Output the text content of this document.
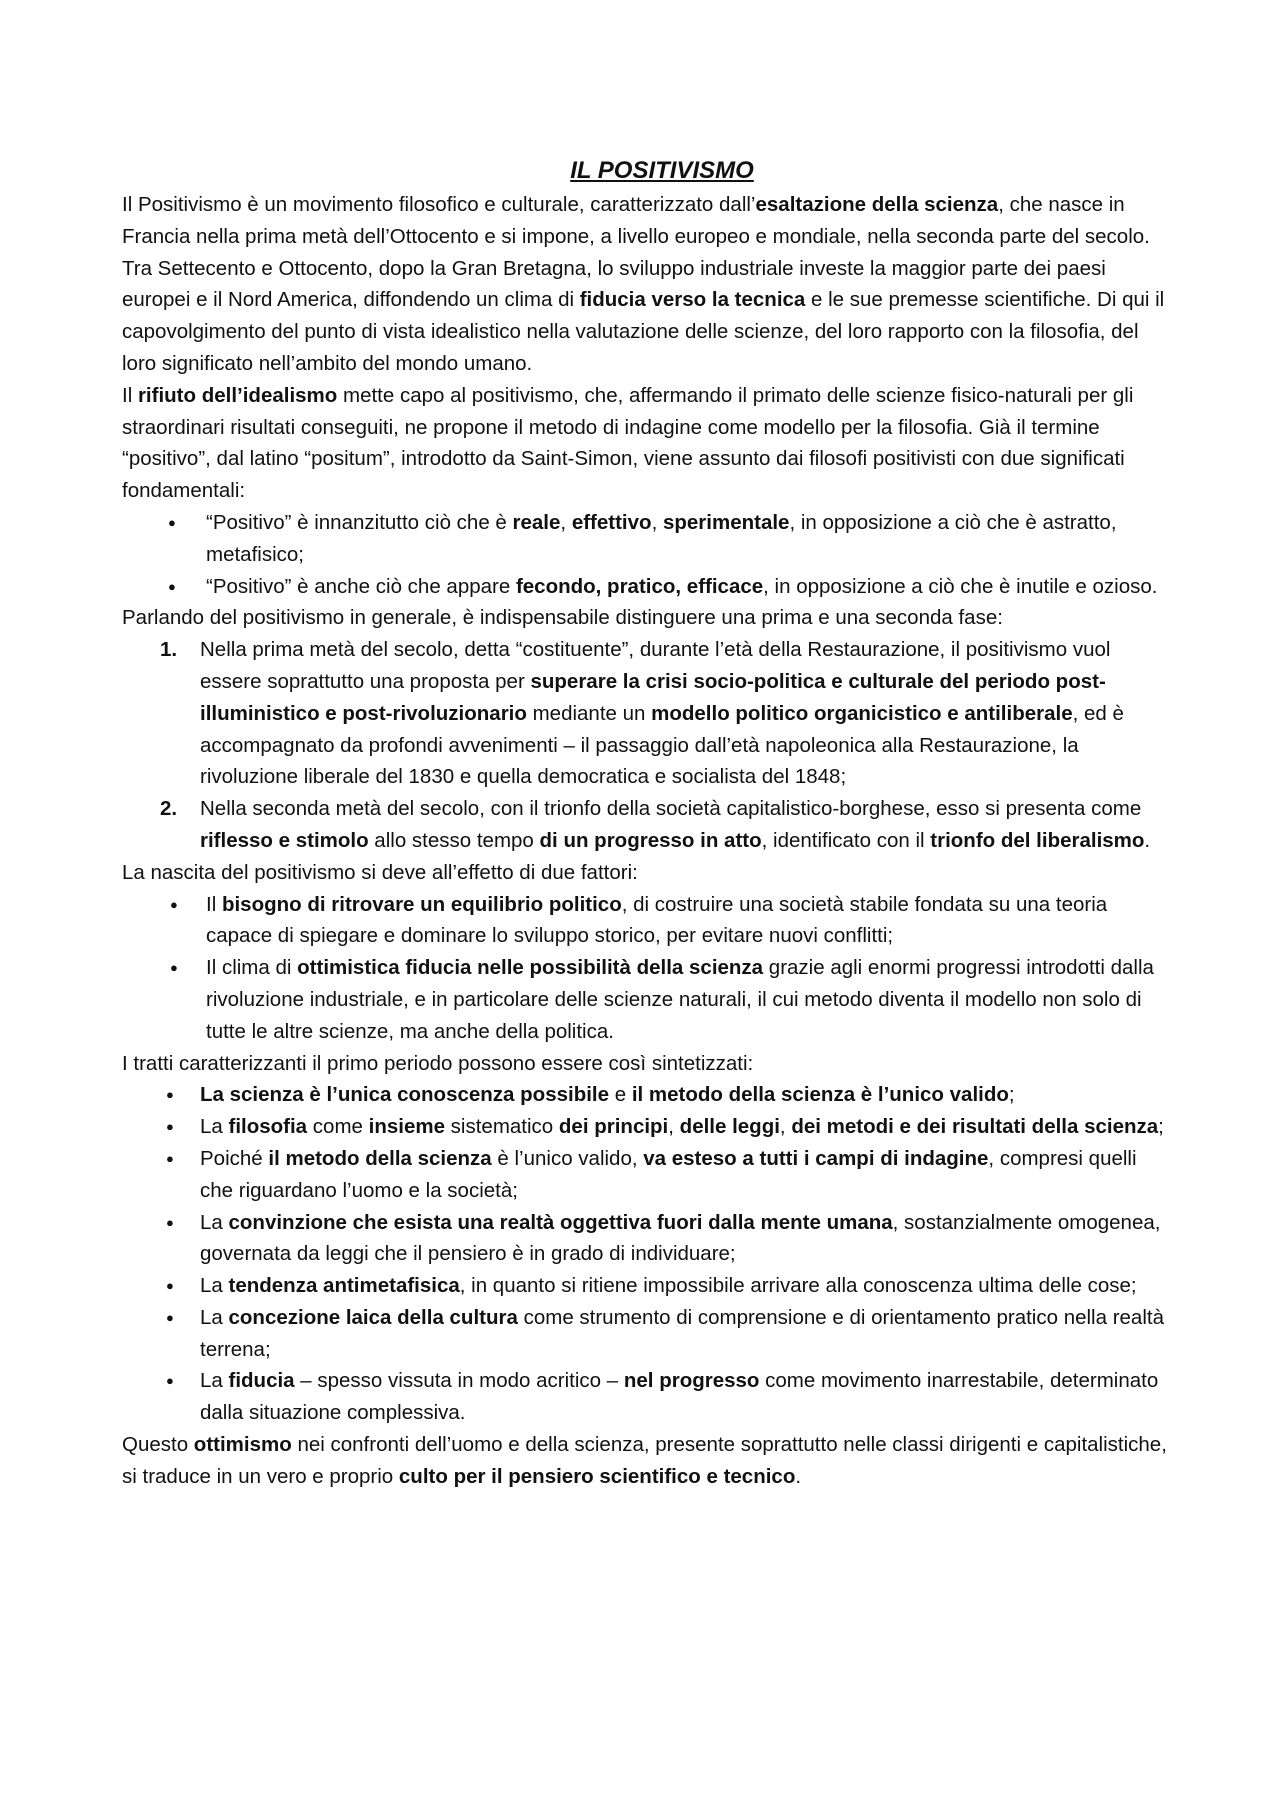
IL POSITIVISMO

Il Positivismo è un movimento filosofico e culturale, caratterizzato dall’esaltazione della scienza, che nasce in Francia nella prima metà dell’Ottocento e si impone, a livello europeo e mondiale, nella seconda parte del secolo. Tra Settecento e Ottocento, dopo la Gran Bretagna, lo sviluppo industriale investe la maggior parte dei paesi europei e il Nord America, diffondendo un clima di fiducia verso la tecnica e le sue premesse scientifiche. Di qui il capovolgimento del punto di vista idealistico nella valutazione delle scienze, del loro rapporto con la filosofia, del loro significato nell’ambito del mondo umano.

Il rifiuto dell’idealismo mette capo al positivismo, che, affermando il primato delle scienze fisico-naturali per gli straordinari risultati conseguiti, ne propone il metodo di indagine come modello per la filosofia. Già il termine “positivo”, dal latino “positum”, introdotto da Saint-Simon, viene assunto dai filosofi positivisti con due significati fondamentali:

● “Positivo” è innanzitutto ciò che è reale, effettivo, sperimentale, in opposizione a ciò che è astratto, metafisico;
● “Positivo” è anche ciò che appare fecondo, pratico, efficace, in opposizione a ciò che è inutile e ozioso.

Parlando del positivismo in generale, è indispensabile distinguere una prima e una seconda fase:

1. Nella prima metà del secolo, detta “costituente”, durante l’età della Restaurazione, il positivismo vuol essere soprattutto una proposta per superare la crisi socio-politica e culturale del periodo post-illuministico e post-rivoluzionario mediante un modello politico organicistico e antiliberale, ed è accompagnato da profondi avvenimenti – il passaggio dall’età napoleonica alla Restaurazione, la rivoluzione liberale del 1830 e quella democratica e socialista del 1848;
2. Nella seconda metà del secolo, con il trionfo della società capitalistico-borghese, esso si presenta come riflesso e stimolo allo stesso tempo di un progresso in atto, identificato con il trionfo del liberalismo.

La nascita del positivismo si deve all’effetto di due fattori:

● Il bisogno di ritrovare un equilibrio politico, di costruire una società stabile fondata su una teoria capace di spiegare e dominare lo sviluppo storico, per evitare nuovi conflitti;
● Il clima di ottimistica fiducia nelle possibilità della scienza grazie agli enormi progressi introdotti dalla rivoluzione industriale, e in particolare delle scienze naturali, il cui metodo diventa il modello non solo di tutte le altre scienze, ma anche della politica.

I tratti caratterizzanti il primo periodo possono essere così sintetizzati:

● La scienza è l’unica conoscenza possibile e il metodo della scienza è l’unico valido;
● La filosofia come insieme sistematico dei principi, delle leggi, dei metodi e dei risultati della scienza;
● Poiché il metodo della scienza è l’unico valido, va esteso a tutti i campi di indagine, compresi quelli che riguardano l’uomo e la società;
● La convinzione che esista una realtà oggettiva fuori dalla mente umana, sostanzialmente omogenea, governata da leggi che il pensiero è in grado di individuare;
● La tendenza antimetafisica, in quanto si ritiene impossibile arrivare alla conoscenza ultima delle cose;
● La concezione laica della cultura come strumento di comprensione e di orientamento pratico nella realtà terrena;
● La fiducia – spesso vissuta in modo acritico – nel progresso come movimento inarrestabile, determinato dalla situazione complessiva.

Questo ottimismo nei confronti dell’uomo e della scienza, presente soprattutto nelle classi dirigenti e capitalistiche, si traduce in un vero e proprio culto per il pensiero scientifico e tecnico.
